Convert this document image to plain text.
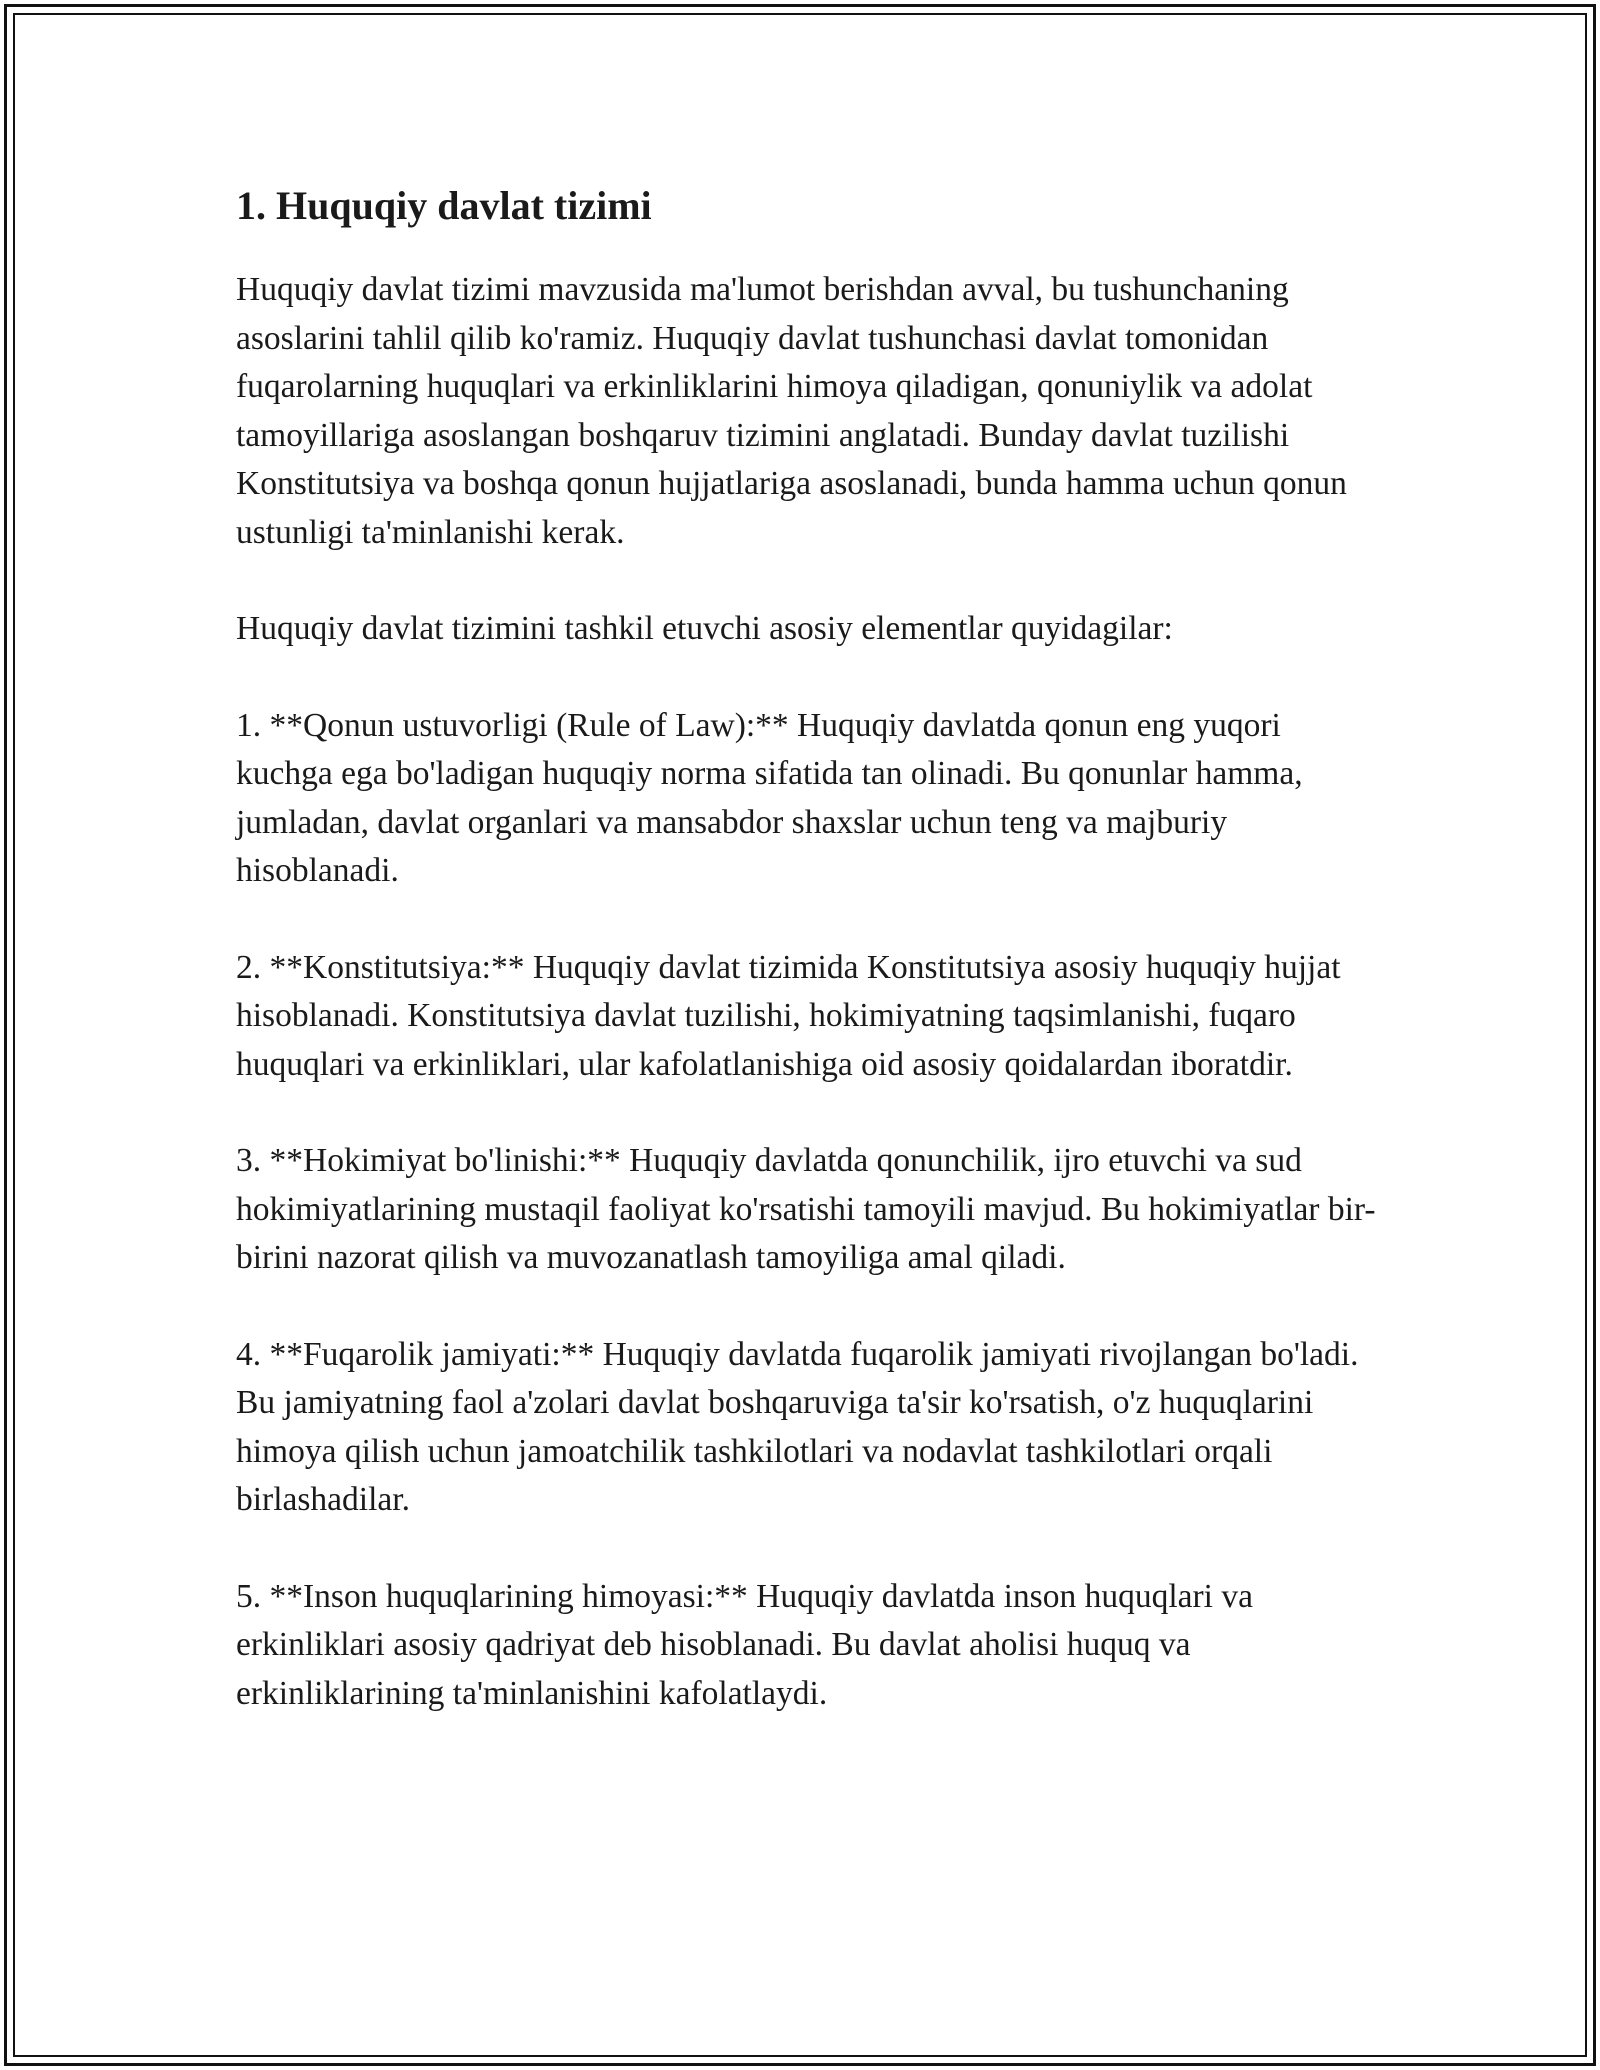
1. Huquqiy davlat tizimi

Huquqiy davlat tizimi mavzusida ma'lumot berishdan avval, bu tushunchaning asoslarini tahlil qilib ko'ramiz. Huquqiy davlat tushunchasi davlat tomonidan fuqarolarning huquqlari va erkinliklarini himoya qiladigan, qonuniylik va adolat tamoyillariga asoslangan boshqaruv tizimini anglatadi. Bunday davlat tuzilishi Konstitutsiya va boshqa qonun hujjatlariga asoslanadi, bunda hamma uchun qonun ustunligi ta'minlanishi kerak.

Huquqiy davlat tizimini tashkil etuvchi asosiy elementlar quyidagilar:

1. **Qonun ustuvorligi (Rule of Law):** Huquqiy davlatda qonun eng yuqori kuchga ega bo'ladigan huquqiy norma sifatida tan olinadi. Bu qonunlar hamma, jumladan, davlat organlari va mansabdor shaxslar uchun teng va majburiy hisoblanadi.

2. **Konstitutsiya:** Huquqiy davlat tizimida Konstitutsiya asosiy huquqiy hujjat hisoblanadi. Konstitutsiya davlat tuzilishi, hokimiyatning taqsimlanishi, fuqaro huquqlari va erkinliklari, ular kafolatlanishiga oid asosiy qoidalardan iboratdir.

3. **Hokimiyat bo'linishi:** Huquqiy davlatda qonunchilik, ijro etuvchi va sud hokimiyatlarining mustaqil faoliyat ko'rsatishi tamoyili mavjud. Bu hokimiyatlar bir-birini nazorat qilish va muvozanatlash tamoyiliga amal qiladi.

4. **Fuqarolik jamiyati:** Huquqiy davlatda fuqarolik jamiyati rivojlangan bo'ladi. Bu jamiyatning faol a'zolari davlat boshqaruviga ta'sir ko'rsatish, o'z huquqlarini himoya qilish uchun jamoatchilik tashkilotlari va nodavlat tashkilotlari orqali birlashadilar.

5. **Inson huquqlarining himoyasi:** Huquqiy davlatda inson huquqlari va erkinliklari asosiy qadriyat deb hisoblanadi. Bu davlat aholisi huquq va erkinliklarining ta'minlanishini kafolatlaydi.
